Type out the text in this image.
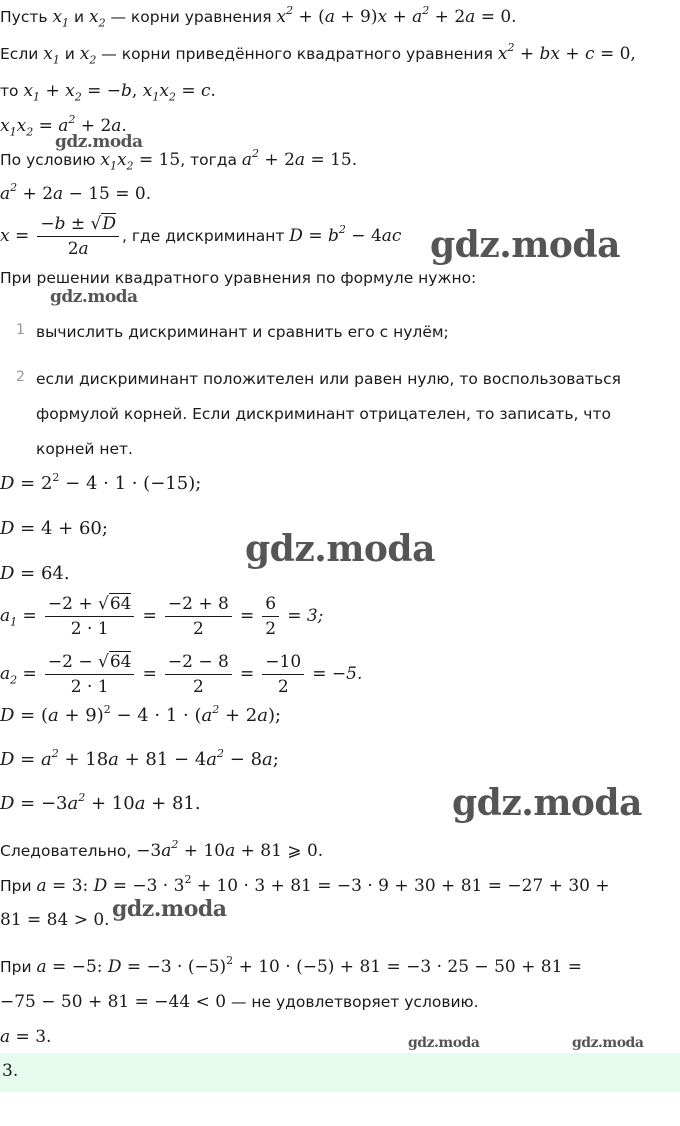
Пусть $x_1$ и $x_2$ — корни уравнения $x^2 + (a + 9)x + a^2 + 2a = 0$.
Если $x_1$ и $x_2$ — корни приведённого квадратного уравнения $x^2$ + bx + c = 0,
то $x_1 + x_2 = -b$, $x_1x_2 = c$.
$x_1x_2 = a^2 + 2a$.
gdz.moda
По условию $x_1x_2 = 15$, тогда $a^2 + 2a = 15$.
$a^2 + 2a - 15 = 0$.
$x = \frac{-b \pm √D}{2a}$ , где дискриминант $D = b^2 - 4ac$ gdz.moda
При решении квадратного уравнения по формуле нужно:
gdz.moda
1 вычислить дискриминант и сравнить его с нулём;
2 если дискриминант положителен или равен нулю, то воспользоваться
формулой корней. Если дискриминант отрицателен, то записать, что
корней нет.
$D = 2^2 - 4 \cdot 1 \cdot (-15)$;
D = 4 + 60;	gdz.moda
D = 64.
$a_1 = \frac{-2 + √64}{2 \cdot 1} = \frac{-2 + 8}{2} = \frac{6}{2} = 3$;
$a_2 = \frac{-2 - √64}{2 \cdot 1} = \frac{-2 - 8}{2} = \frac{-10}{2} = -5$.
$D = (a + 9)^2 - 4 \cdot 1 \cdot (a^2 + 2a)$;
$D = a^2 + 18a + 81 - 4a^2 - 8a$;
$D = -3a^2 + 10a + 81$.	gdz.moda
Следовательно, $-3a^2 + 10a + 81$ ⩾ 0.
При a = 3: $D = -3 \cdot 3^2 + 10 \cdot 3 + 81 = -3 \cdot 9 + 30 + 81 = -27 + 30$ +
81 = 84 > 0. gdz.moda
При a = −5: $D = -3 \cdot (-5)^2 + 10 \cdot (-5) + 81 = -3 \cdot 25 - 50 + 81$ =
−75 − 50 + 81 = −44 < 0 — не удовлетворяет условию.
a = 3.	gdz.moda	gdz.moda
3.
